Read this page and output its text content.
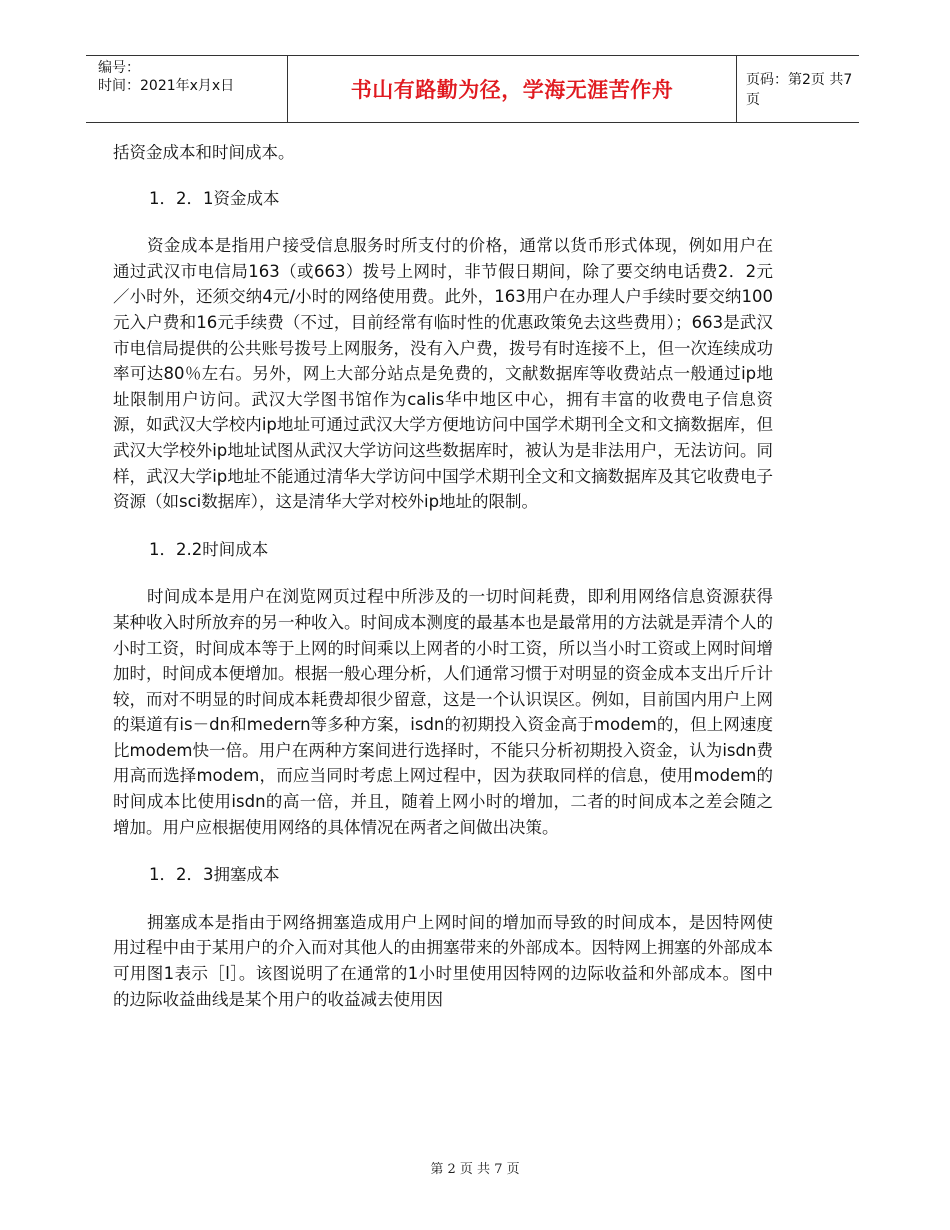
编号：
时间：2021年x月x日	书山有路勤为径，学海无涯苦作舟	页码：第2页 共7页

括资金成本和时间成本。

1．2．1资金成本

资金成本是指用户接受信息服务时所支付的价格，通常以货币形式体现，例如用户在通过武汉市电信局163（或663）拨号上网时，非节假日期间，除了要交纳电话费2．2元／小时外，还须交纳4元/小时的网络使用费。此外，163用户在办理人户手续时要交纳100元入户费和16元手续费（不过，目前经常有临时性的优惠政策免去这些费用）；663是武汉市电信局提供的公共账号拨号上网服务，没有入户费，拨号有时连接不上，但一次连续成功率可达80％左右。另外，网上大部分站点是免费的，文献数据库等收费站点一般通过ip地址限制用户访问。武汉大学图书馆作为calis华中地区中心，拥有丰富的收费电子信息资源，如武汉大学校内ip地址可通过武汉大学方便地访问中国学术期刊全文和文摘数据库，但武汉大学校外ip地址试图从武汉大学访问这些数据库时，被认为是非法用户，无法访问。同样，武汉大学ip地址不能通过清华大学访问中国学术期刊全文和文摘数据库及其它收费电子资源（如sci数据库），这是清华大学对校外ip地址的限制。

1．2.2时间成本

时间成本是用户在浏览网页过程中所涉及的一切时间耗费，即利用网络信息资源获得某种收入时所放弃的另一种收入。时间成本测度的最基本也是最常用的方法就是弄清个人的小时工资，时间成本等于上网的时间乘以上网者的小时工资，所以当小时工资或上网时间增加时，时间成本便增加。根据一般心理分析，人们通常习惯于对明显的资金成本支出斤斤计较，而对不明显的时间成本耗费却很少留意，这是一个认识误区。例如，目前国内用户上网的渠道有is－dn和medern等多种方案，isdn的初期投入资金高于modem的，但上网速度比modem快一倍。用户在两种方案间进行选择时，不能只分析初期投入资金，认为isdn费用高而选择modem，而应当同时考虑上网过程中，因为获取同样的信息，使用modem的时间成本比使用isdn的高一倍，并且，随着上网小时的增加，二者的时间成本之差会随之增加。用户应根据使用网络的具体情况在两者之间做出决策。

1．2．3拥塞成本

拥塞成本是指由于网络拥塞造成用户上网时间的增加而导致的时间成本，是因特网使用过程中由于某用户的介入而对其他人的由拥塞带来的外部成本。因特网上拥塞的外部成本可用图1表示［l］。该图说明了在通常的1小时里使用因特网的边际收益和外部成本。图中的边际收益曲线是某个用户的收益减去使用因

第 2 页 共 7 页
